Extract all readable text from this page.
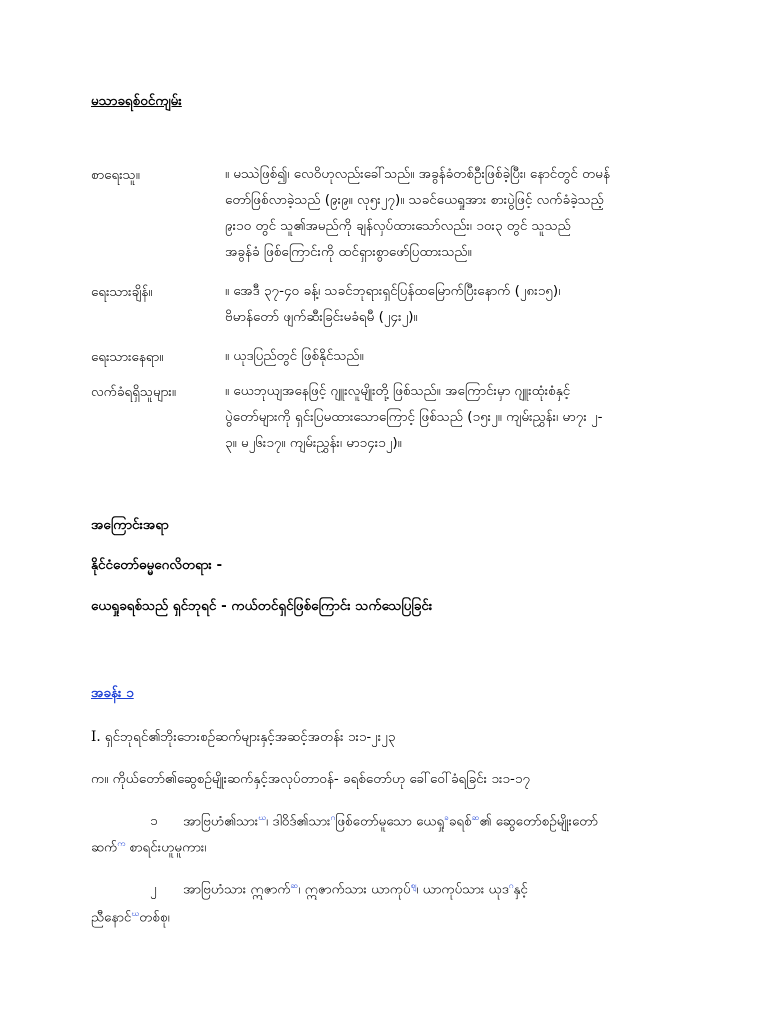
မသာခရစ်ဝင်ကျမ်း
စာရေးသူ။	။ မဿဲဖြစ်၍၊ လေဝိဟုလည်းခေါ်သည်။ အခွန်ခံတစ်ဦးဖြစ်ခဲ့ပြီး၊ နောင်တွင် တမန်
တော်ဖြစ်လာခဲ့သည် (၉း၉။ လု၅း၂၇)။ သခင်ယေရှုအား စားပွဲဖြင့် လက်ခံခဲ့သည့်
၉း၁၀ တွင် သူ၏အမည်ကို ချန်လှပ်ထားသော်လည်း၊ ၁၀း၃ တွင် သူသည်
အခွန်ခံ ဖြစ်ကြောင်းကို ထင်ရှားစွာဖော်ပြထားသည်။
ရေးသားချိန်။	။ အေဒီ ၃၇-၄၀ ခန့်၊ သခင်ဘုရားရှင်ပြန်ထမြောက်ပြီးနောက် (၂၈း၁၅)၊
ဗိမာန်တော် ဖျက်ဆီးခြင်းမခံရမီ (၂၄း၂)။
ရေးသားနေရာ။	။ ယုဒပြည်တွင် ဖြစ်နိုင်သည်။
လက်ခံရရှိသူများ။	။ ယေဘုယျအနေဖြင့် ဂျူးလူမျိုးတို့ ဖြစ်သည်။ အကြောင်းမှာ ဂျူးထုံးစံနှင့်
ပွဲတော်များကို ရှင်းပြမထားသောကြောင့် ဖြစ်သည် (၁၅း၂။ ကျမ်းညွှန်း၊ မာ၇း ၂-
၃။ မ၂၆း၁၇။ ကျမ်းညွှန်း၊ မာ၁၄း၁၂)။
အကြောင်းအရာ
နိုင်ငံတော်ဓမ္မဂေလိတရား -
ယေရှုခရစ်သည် ရှင်ဘုရင် - ကယ်တင်ရှင်ဖြစ်ကြောင်း သက်သေပြခြင်း
အခန်း ၁
I. ရှင်ဘုရင်၏ဘိုးဘေးစဉ်ဆက်များနှင့်အဆင့်အတန်း ၁း၁-၂း၂၃
က။ ကိုယ်တော်၏ဆွေစဉ်မျိုးဆက်နှင့်အလုပ်တာဝန်- ခရစ်တော်ဟု ခေါ်ဝေါ်ခံရခြင်း ၁း၁-၁၇
၁ အာဗြဟံ၏သား$^ဃ$၊ ဒါဝိဒ်၏သား$^ဂ$ဖြစ်တော်မူသော ယေရှု$^ခ$ခရစ်$^ဆ$၏ ဆွေတော်စဉ်မျိုးတော်
ဆက်$^က$ စာရင်းဟူမူကား၊
၂ အာဗြဟံသား ဣဇာက်$^ဆ$၊ ဣဇာက်သား ယာကုပ်$^ဈ$၊ ယာကုပ်သား ယုဒ$^ဂ$နှင့်
ညီနောင်$^ဃ$တစ်စု၊
